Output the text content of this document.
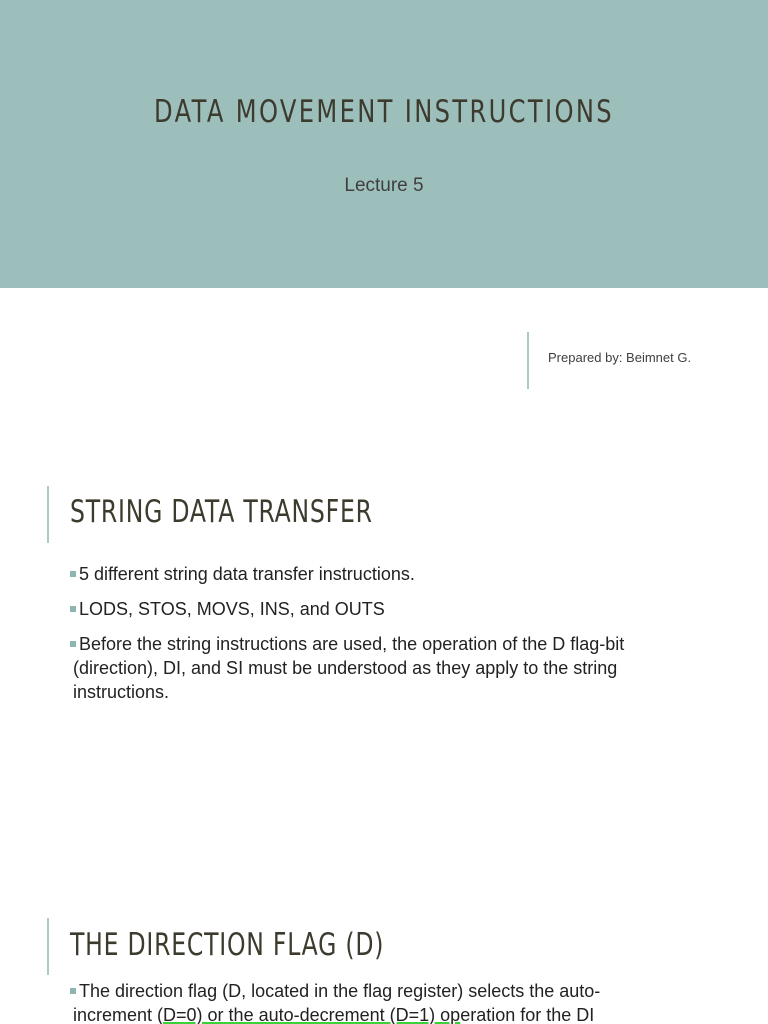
DATA MOVEMENT INSTRUCTIONS
Lecture 5
Prepared by: Beimnet G.
STRING DATA TRANSFER
5 different string data transfer instructions.
LODS, STOS, MOVS, INS, and OUTS
Before the string instructions are used, the operation of the D flag-bit (direction), DI, and SI must be understood as they apply to the string instructions.
THE DIRECTION FLAG (D)
The direction flag (D, located in the flag register) selects the auto-increment (D=0) or the auto-decrement (D=1) operation for the DI
